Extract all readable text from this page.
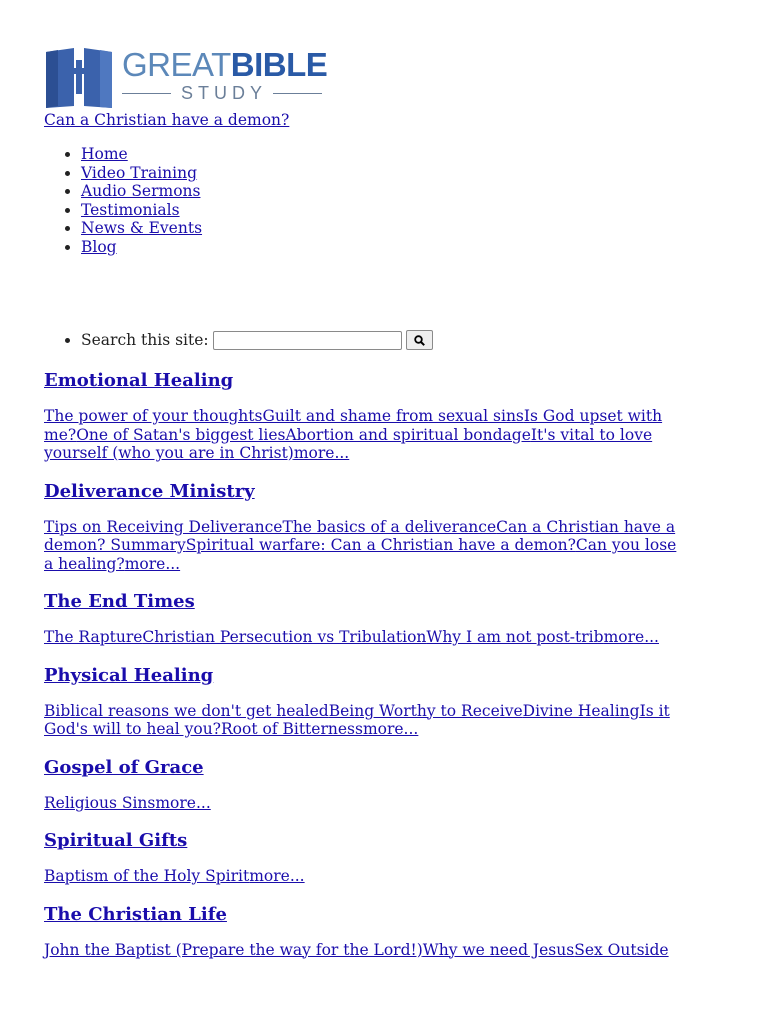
GREATBIBLE
STUDY
Can a Christian have a demon?
• Home
• Video Training
• Audio Sermons
• Testimonials
• News & Events
• Blog
• Search this site:
Emotional Healing
The power of your thoughtsGuilt and shame from sexual sinsIs God upset with me?One of Satan's biggest liesAbortion and spiritual bondageIt's vital to love yourself (who you are in Christ)more...
Deliverance Ministry
Tips on Receiving DeliveranceThe basics of a deliveranceCan a Christian have a demon? SummarySpiritual warfare: Can a Christian have a demon?Can you lose a healing?more...
The End Times
The RaptureChristian Persecution vs TribulationWhy I am not post-tribmore...
Physical Healing
Biblical reasons we don't get healedBeing Worthy to ReceiveDivine HealingIs it God's will to heal you?Root of Bitternessmore...
Gospel of Grace
Religious Sinsmore...
Spiritual Gifts
Baptism of the Holy Spiritmore...
The Christian Life
John the Baptist (Prepare the way for the Lord!)Why we need JesusSex Outside
